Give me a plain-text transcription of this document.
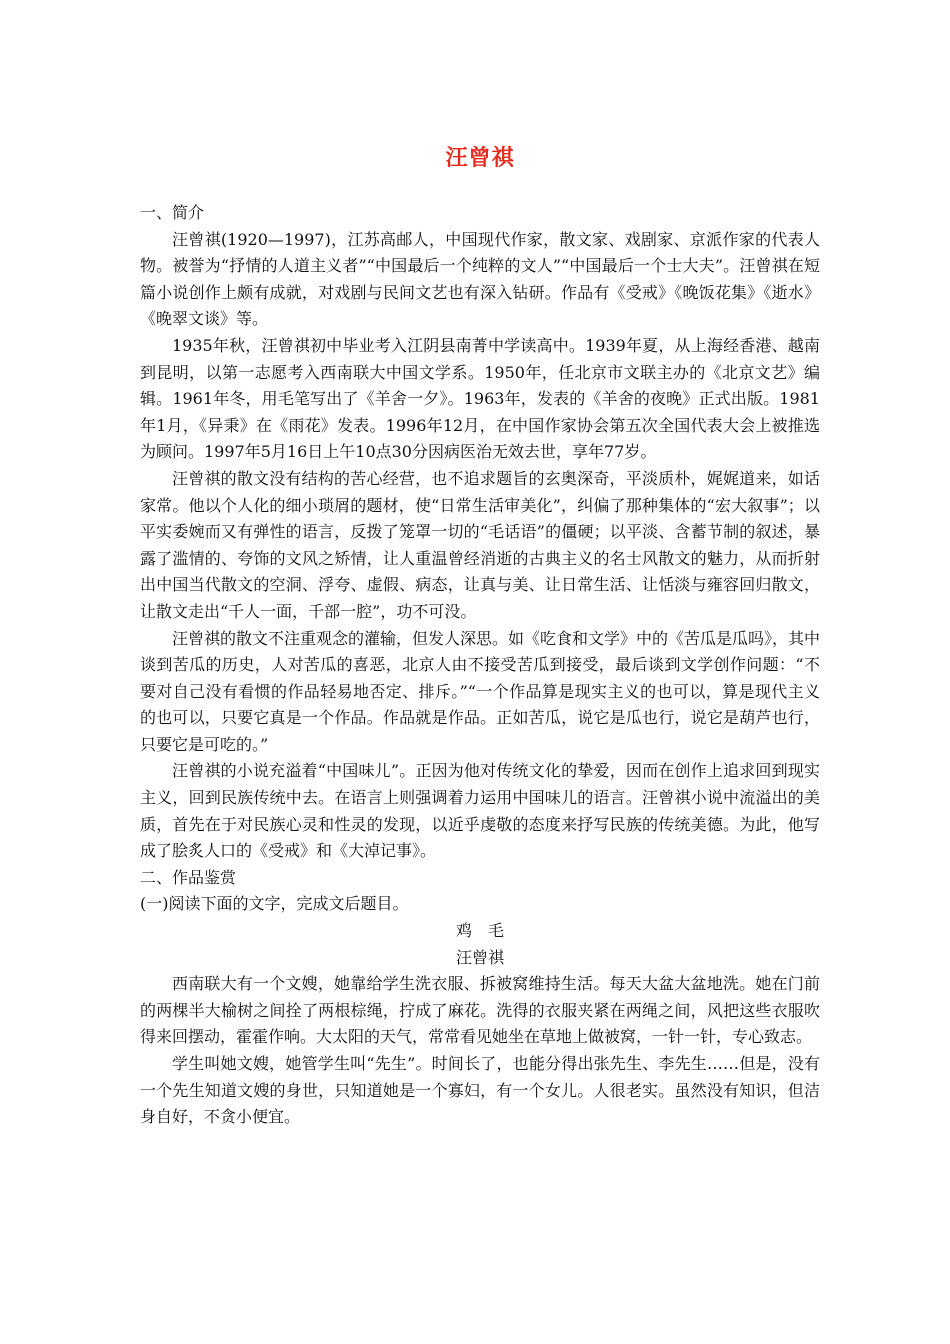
汪曾祺

一、简介

汪曾祺(1920—1997)，江苏高邮人，中国现代作家，散文家、戏剧家、京派作家的代表人物。被誉为“抒情的人道主义者”“中国最后一个纯粹的文人”“中国最后一个士大夫”。汪曾祺在短篇小说创作上颇有成就，对戏剧与民间文艺也有深入钻研。作品有《受戒》《晚饭花集》《逝水》《晚翠文谈》等。

1935年秋，汪曾祺初中毕业考入江阴县南菁中学读高中。1939年夏，从上海经香港、越南到昆明，以第一志愿考入西南联大中国文学系。1950年，任北京市文联主办的《北京文艺》编辑。1961年冬，用毛笔写出了《羊舍一夕》。1963年，发表的《羊舍的夜晚》正式出版。1981年1月，《异秉》在《雨花》发表。1996年12月，在中国作家协会第五次全国代表大会上被推选为顾问。1997年5月16日上午10点30分因病医治无效去世，享年77岁。

汪曾祺的散文没有结构的苦心经营，也不追求题旨的玄奥深奇，平淡质朴，娓娓道来，如话家常。他以个人化的细小琐屑的题材，使“日常生活审美化”，纠偏了那种集体的“宏大叙事”；以平实委婉而又有弹性的语言，反拨了笼罩一切的“毛话语”的僵硬；以平淡、含蓄节制的叙述，暴露了滥情的、夸饰的文风之矫情，让人重温曾经消逝的古典主义的名士风散文的魅力，从而折射出中国当代散文的空洞、浮夸、虚假、病态，让真与美、让日常生活、让恬淡与雍容回归散文，让散文走出“千人一面，千部一腔”，功不可没。

汪曾祺的散文不注重观念的灌输，但发人深思。如《吃食和文学》中的《苦瓜是瓜吗》，其中谈到苦瓜的历史，人对苦瓜的喜恶，北京人由不接受苦瓜到接受，最后谈到文学创作问题：“不要对自己没有看惯的作品轻易地否定、排斥。”“一个作品算是现实主义的也可以，算是现代主义的也可以，只要它真是一个作品。作品就是作品。正如苦瓜，说它是瓜也行，说它是葫芦也行，只要它是可吃的。”

汪曾祺的小说充溢着“中国味儿”。正因为他对传统文化的挚爱，因而在创作上追求回到现实主义，回到民族传统中去。在语言上则强调着力运用中国味儿的语言。汪曾祺小说中流溢出的美质，首先在于对民族心灵和性灵的发现，以近乎虔敬的态度来抒写民族的传统美德。为此，他写成了脍炙人口的《受戒》和《大淖记事》。

二、作品鉴赏

(一)阅读下面的文字，完成文后题目。

鸡　毛

汪曾祺

西南联大有一个文嫂，她靠给学生洗衣服、拆被窝维持生活。每天大盆大盆地洗。她在门前的两棵半大榆树之间拴了两根棕绳，拧成了麻花。洗得的衣服夹紧在两绳之间，风把这些衣服吹得来回摆动，霍霍作响。大太阳的天气，常常看见她坐在草地上做被窝，一针一针，专心致志。

学生叫她文嫂，她管学生叫“先生”。时间长了，也能分得出张先生、李先生……但是，没有一个先生知道文嫂的身世，只知道她是一个寡妇，有一个女儿。人很老实。虽然没有知识，但洁身自好，不贪小便宜。
